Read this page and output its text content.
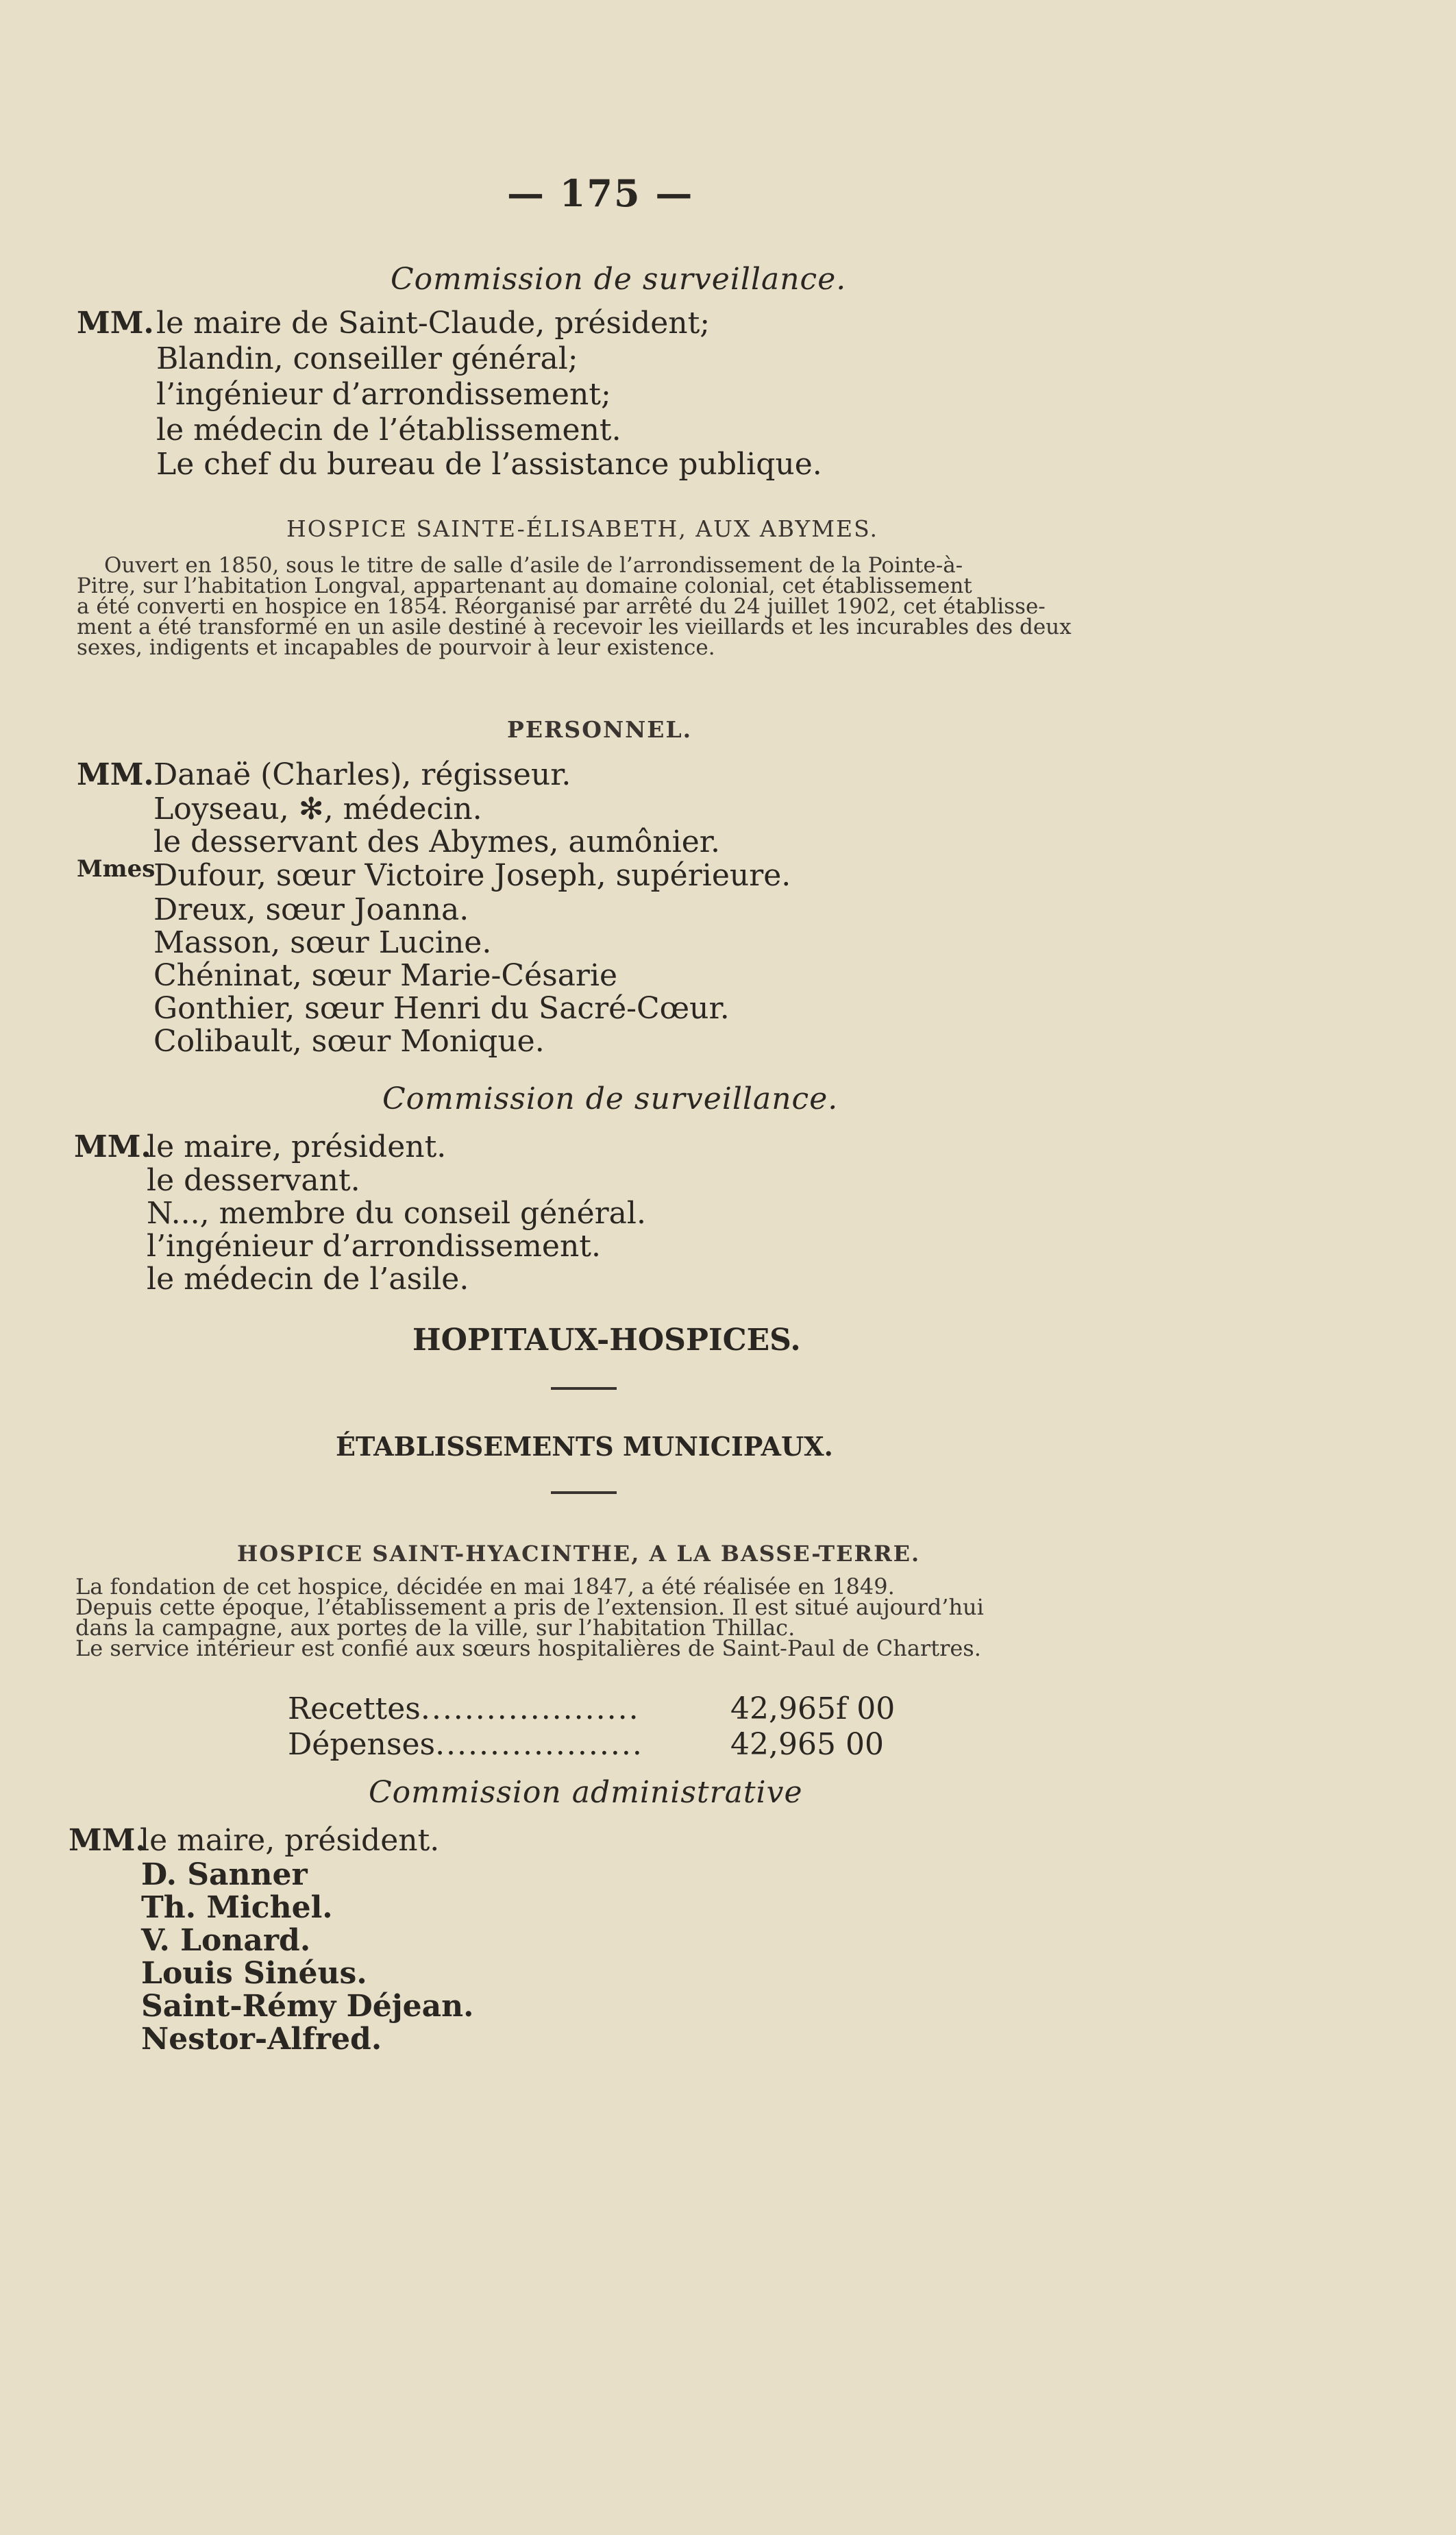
— 175 —
Commission de surveillance.
MM. le maire de Saint-Claude, président;
Blandin, conseiller général;
l’ingénieur d’arrondissement;
le médecin de l’établissement.
Le chef du bureau de l’assistance publique.
HOSPICE SAINTE-ÉLISABETH, AUX ABYMES.
Ouvert en 1850, sous le titre de salle d’asile de l’arrondissement de la Pointe-à-
Pitre, sur l’habitation Longval, appartenant au domaine colonial, cet établissement
a été converti en hospice en 1854. Réorganisé par arrêté du 24 juillet 1902, cet établisse-
ment a été transformé en un asile destiné à recevoir les vieillards et les incurables des deux
sexes, indigents et incapables de pourvoir à leur existence.
PERSONNEL.
MM.
Mmes
Danaë (Charles), régisseur.
Loyseau, ✻, médecin.
le desservant des Abymes, aumônier.
Dufour, sœur Victoire Joseph, supérieure.
Dreux, sœur Joanna.
Masson, sœur Lucine.
Chéninat, sœur Marie-Césarie
Gonthier, sœur Henri du Sacré-Cœur.
Colibault, sœur Monique.
Commission de surveillance.
MM.
le maire, président.
le desservant.
N..., membre du conseil général.
l’ingénieur d’arrondissement.
le médecin de l’asile.
HOPITAUX-HOSPICES.
ÉTABLISSEMENTS MUNICIPAUX.
HOSPICE SAINT-HYACINTHE, A LA BASSE-TERRE.
La fondation de cet hospice, décidée en mai 1847, a été réalisée en 1849.
Depuis cette époque, l’établissement a pris de l’extension. Il est situé aujourd’hui
dans la campagne, aux portes de la ville, sur l’habitation Thillac.
Le service intérieur est confié aux sœurs hospitalières de Saint-Paul de Chartres.
Recettes....................	42,965f 00
Dépenses...................	42,965 00
Commission administrative
MM.
le maire, président.
D. Sanner
Th. Michel.
V. Lonard.
Louis Sinéus.
Saint-Rémy Déjean.
Nestor-Alfred.
